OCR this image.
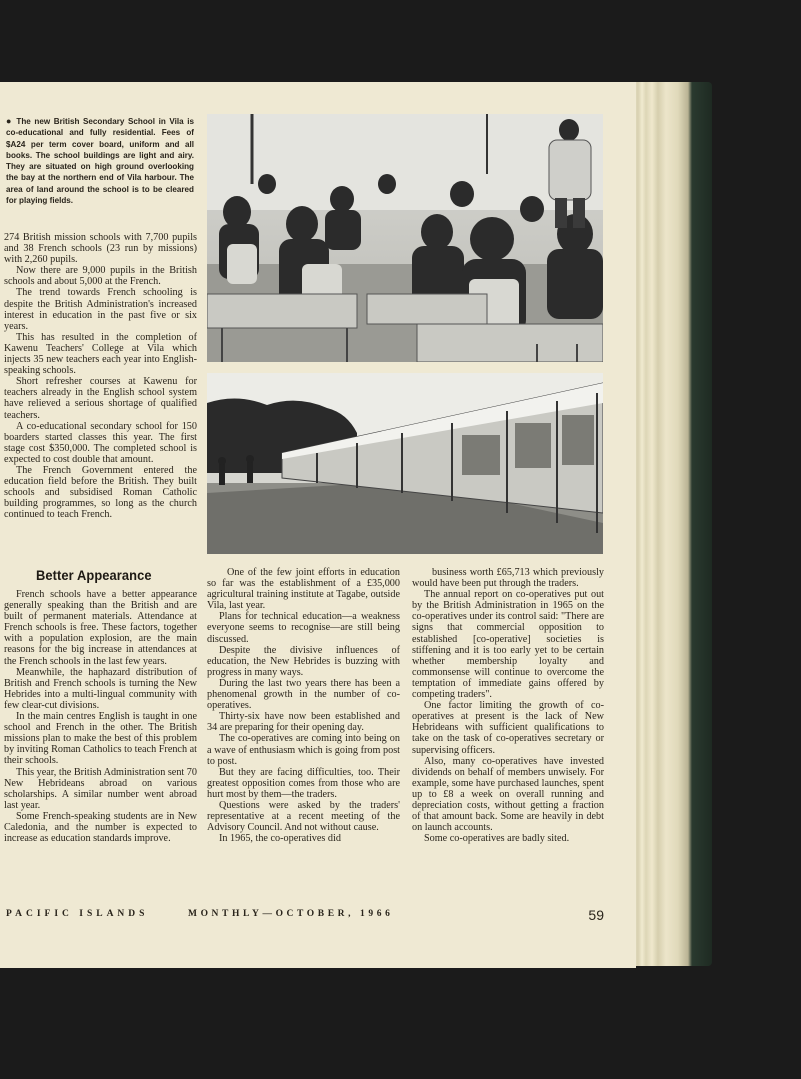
● The new British Secondary School in Vila is co-educational and fully residential. Fees of $A24 per term cover board, uniform and all books. The school buildings are light and airy. They are situated on high ground overlooking the bay at the northern end of Vila harbour. The area of land around the school is to be cleared for playing fields.

274 British mission schools with 7,700 pupils and 38 French schools (23 run by missions) with 2,260 pupils.

Now there are 9,000 pupils in the British schools and about 5,000 at the French.

The trend towards French schooling is despite the British Administration's increased interest in education in the past five or six years.

This has resulted in the completion of Kawenu Teachers' College at Vila which injects 35 new teachers each year into English-speaking schools.

Short refresher courses at Kawenu for teachers already in the English school system have relieved a serious shortage of qualified teachers.

A co-educational secondary school for 150 boarders started classes this year. The first stage cost $350,000. The completed school is expected to cost double that amount.

The French Government entered the education field before the British. They built schools and subsidised Roman Catholic building programmes, so long as the church continued to teach French.

Better Appearance

French schools have a better appearance generally speaking than the British and are built of permanent materials. Attendance at French schools is free. These factors, together with a population explosion, are the main reasons for the big increase in attendances at the French schools in the last few years.

Meanwhile, the haphazard distribution of British and French schools is turning the New Hebrides into a multi-lingual community with few clear-cut divisions.

In the main centres English is taught in one school and French in the other. The British missions plan to make the best of this problem by inviting Roman Catholics to teach French at their schools.

This year, the British Administration sent 70 New Hebrideans abroad on various scholarships. A similar number went abroad last year.

Some French-speaking students are in New Caledonia, and the number is expected to increase as education standards improve.

One of the few joint efforts in education so far was the establishment of a £35,000 agricultural training institute at Tagabe, outside Vila, last year.

Plans for technical education—a weakness everyone seems to recognise—are still being discussed.

Despite the divisive influences of education, the New Hebrides is buzzing with progress in many ways.

During the last two years there has been a phenomenal growth in the number of co-operatives.

Thirty-six have now been established and 34 are preparing for their opening day.

The co-operatives are coming into being on a wave of enthusiasm which is going from post to post.

But they are facing difficulties, too. Their greatest opposition comes from those who are hurt most by them—the traders.

Questions were asked by the traders' representative at a recent meeting of the Advisory Council. And not without cause.

In 1965, the co-operatives did

business worth £65,713 which previously would have been put through the traders.

The annual report on co-operatives put out by the British Administration in 1965 on the co-operatives under its control said: "There are signs that commercial opposition to established [co-operative] societies is stiffening and it is too early yet to be certain whether membership loyalty and commonsense will continue to overcome the temptation of immediate gains offered by competing traders".

One factor limiting the growth of co-operatives at present is the lack of New Hebrideans with sufficient qualifications to take on the task of co-operatives secretary or supervising officers.

Also, many co-operatives have invested dividends on behalf of members unwisely. For example, some have purchased launches, spent up to £8 a week on overall running and depreciation costs, without getting a fraction of that amount back. Some are heavily in debt on launch accounts.

Some co-operatives are badly sited.

PACIFIC ISLANDS	MONTHLY—OCTOBER, 1966	59
